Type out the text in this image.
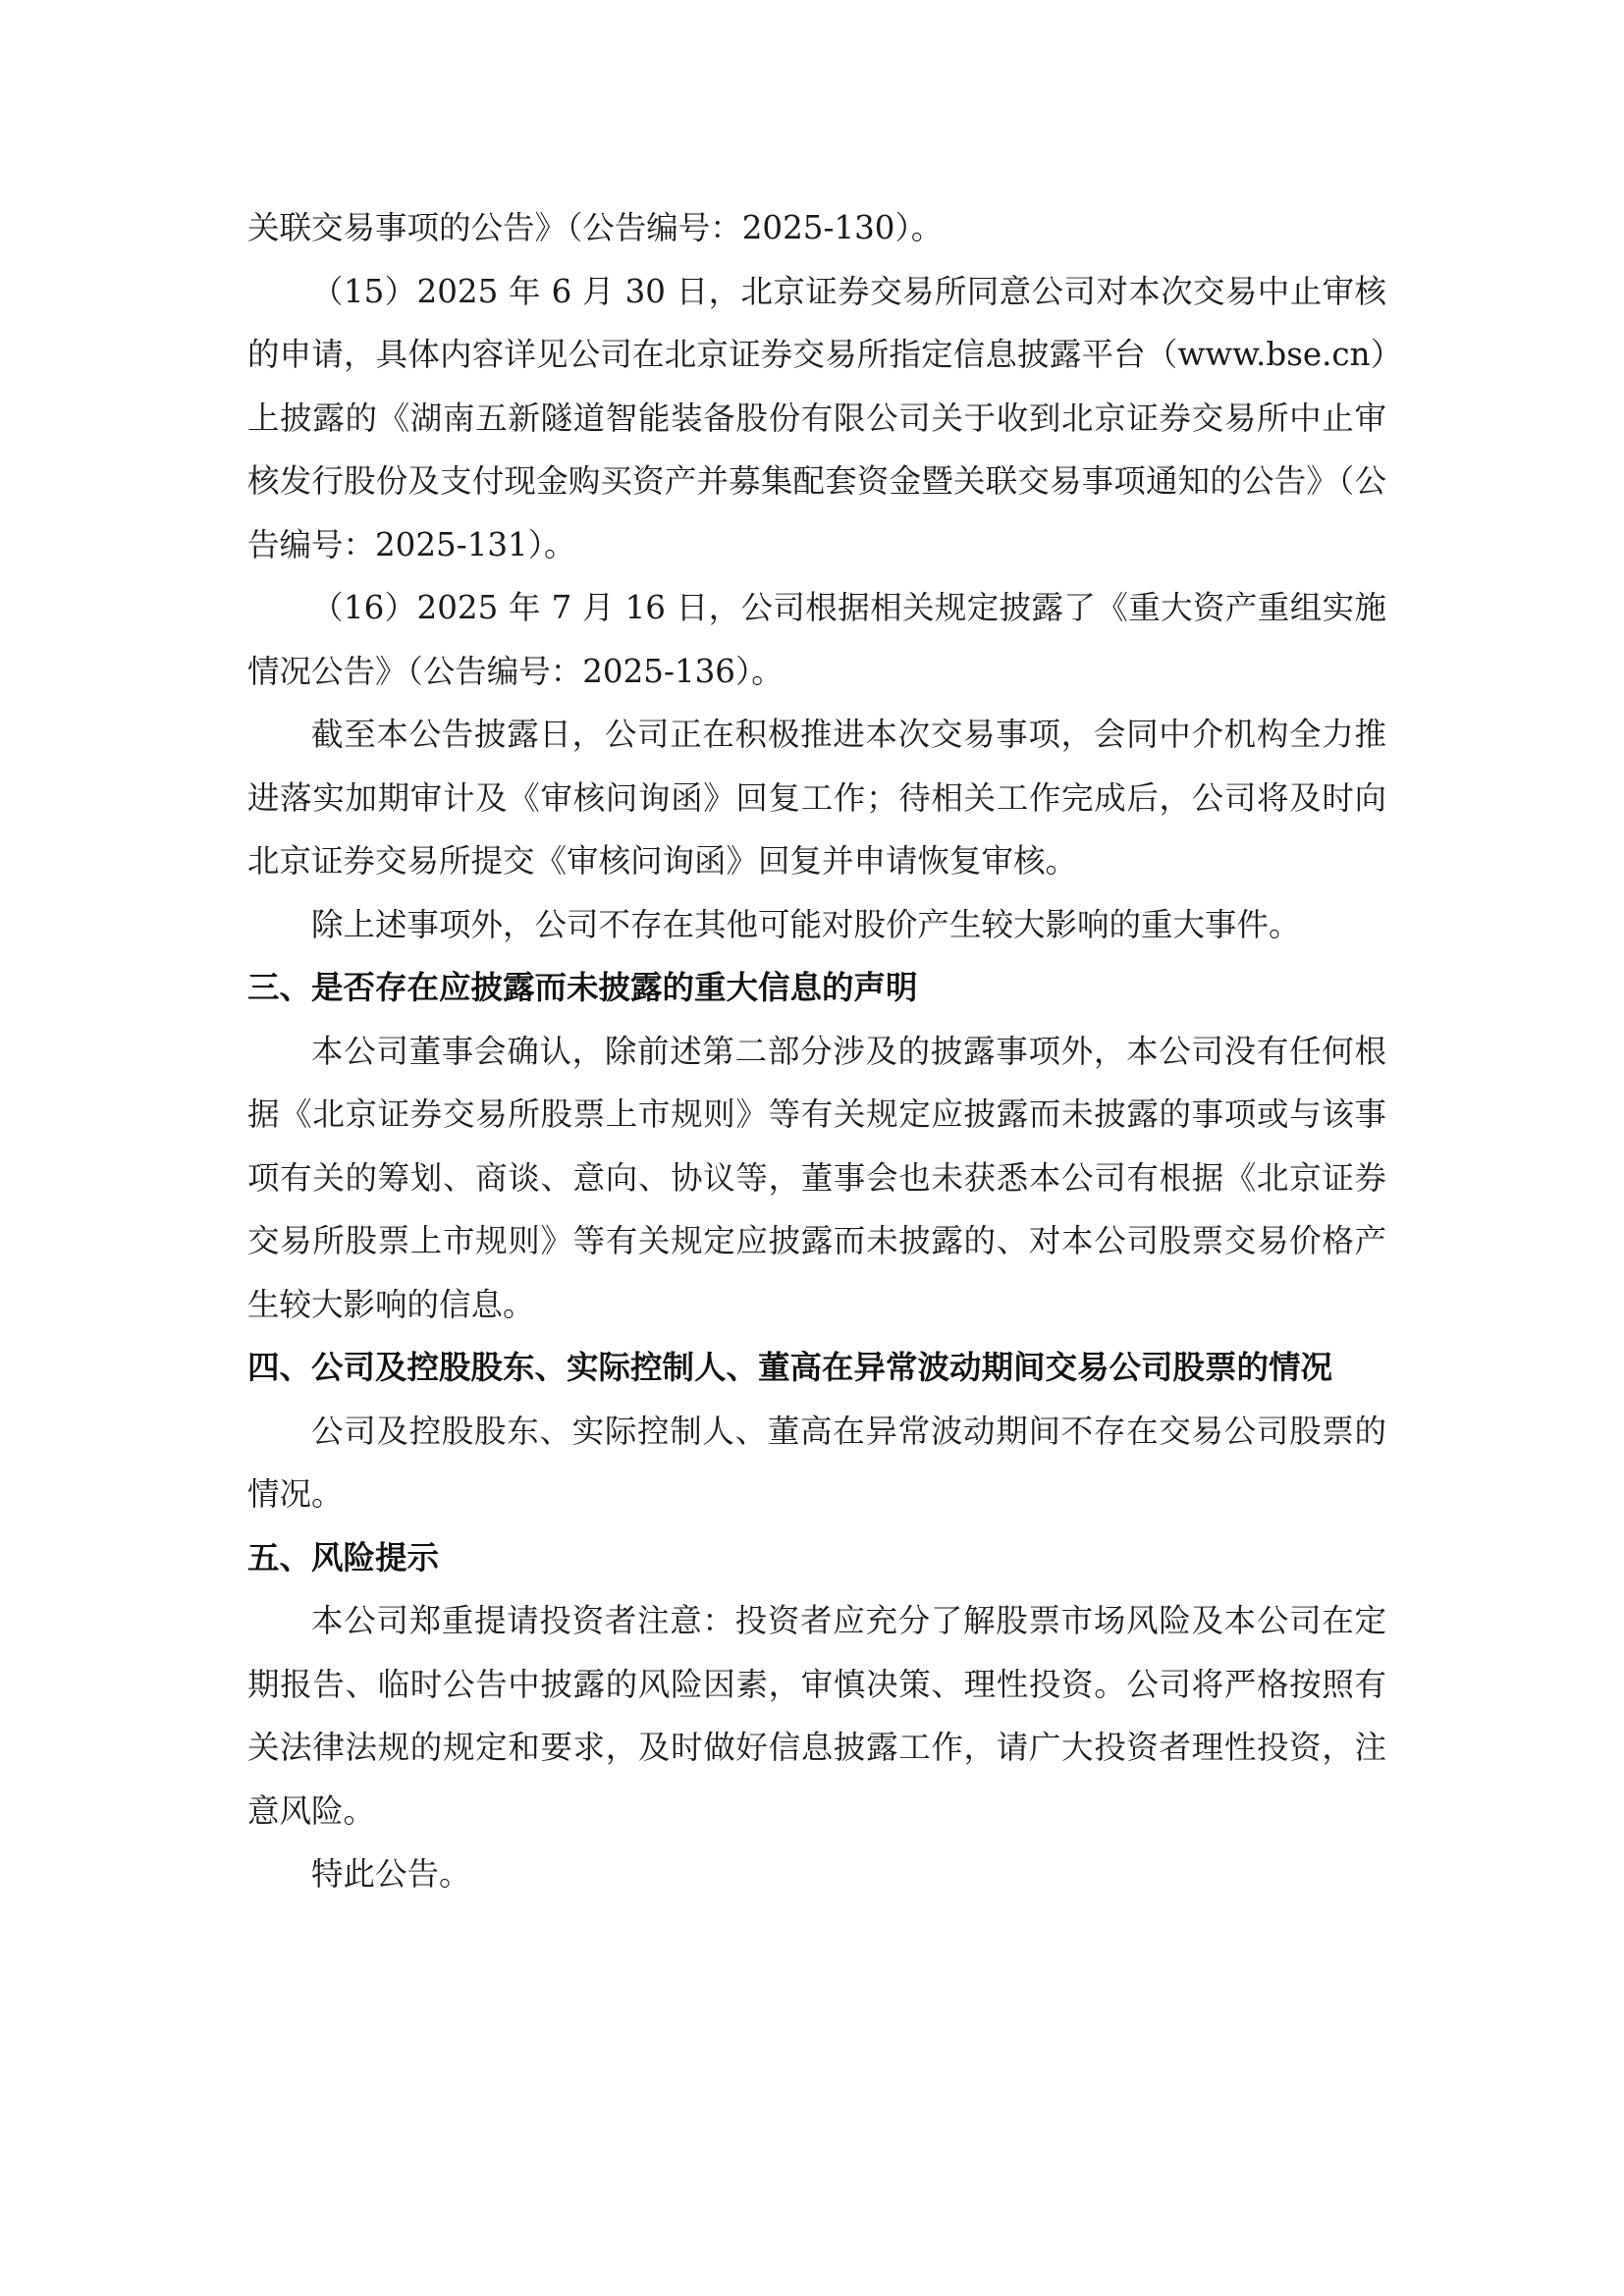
关联交易事项的公告》（公告编号：2025-130）。

（15）2025 年 6 月 30 日，北京证券交易所同意公司对本次交易中止审核的申请，具体内容详见公司在北京证券交易所指定信息披露平台（www.bse.cn）上披露的《湖南五新隧道智能装备股份有限公司关于收到北京证券交易所中止审核发行股份及支付现金购买资产并募集配套资金暨关联交易事项通知的公告》（公告编号：2025-131）。

（16）2025 年 7 月 16 日，公司根据相关规定披露了《重大资产重组实施情况公告》（公告编号：2025-136）。

截至本公告披露日，公司正在积极推进本次交易事项，会同中介机构全力推进落实加期审计及《审核问询函》回复工作；待相关工作完成后，公司将及时向北京证券交易所提交《审核问询函》回复并申请恢复审核。

除上述事项外，公司不存在其他可能对股价产生较大影响的重大事件。

三、是否存在应披露而未披露的重大信息的声明

本公司董事会确认，除前述第二部分涉及的披露事项外，本公司没有任何根据《北京证券交易所股票上市规则》等有关规定应披露而未披露的事项或与该事项有关的筹划、商谈、意向、协议等，董事会也未获悉本公司有根据《北京证券交易所股票上市规则》等有关规定应披露而未披露的、对本公司股票交易价格产生较大影响的信息。

四、公司及控股股东、实际控制人、董高在异常波动期间交易公司股票的情况

公司及控股股东、实际控制人、董高在异常波动期间不存在交易公司股票的情况。

五、风险提示

本公司郑重提请投资者注意：投资者应充分了解股票市场风险及本公司在定期报告、临时公告中披露的风险因素，审慎决策、理性投资。公司将严格按照有关法律法规的规定和要求，及时做好信息披露工作，请广大投资者理性投资，注意风险。

特此公告。
